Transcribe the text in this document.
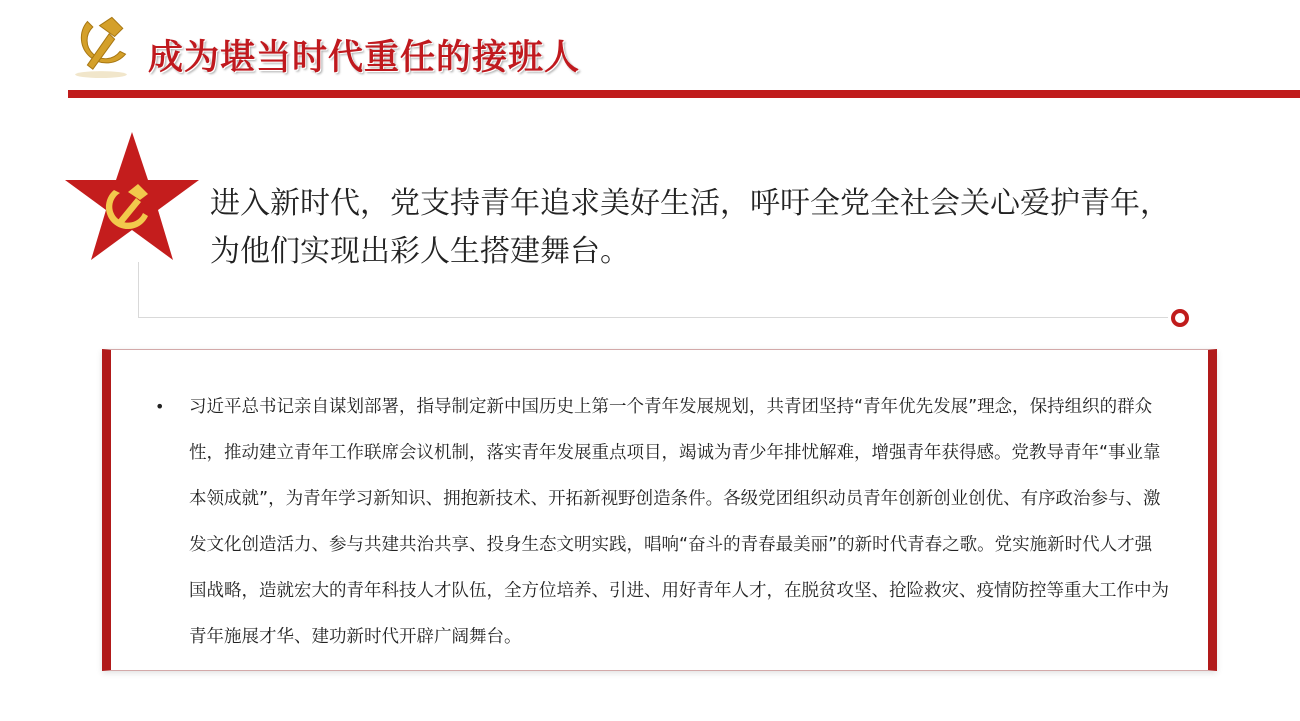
成为堪当时代重任的接班人

进入新时代，党支持青年追求美好生活，呼吁全党全社会关心爱护青年，为他们实现出彩人生搭建舞台。

• 习近平总书记亲自谋划部署，指导制定新中国历史上第一个青年发展规划，共青团坚持“青年优先发展”理念，保持组织的群众性，推动建立青年工作联席会议机制，落实青年发展重点项目，竭诚为青少年排忧解难，增强青年获得感。党教导青年“事业靠本领成就”，为青年学习新知识、拥抱新技术、开拓新视野创造条件。各级党团组织动员青年创新创业创优、有序政治参与、激发文化创造活力、参与共建共治共享、投身生态文明实践，唱响“奋斗的青春最美丽”的新时代青春之歌。党实施新时代人才强国战略，造就宏大的青年科技人才队伍，全方位培养、引进、用好青年人才，在脱贫攻坚、抢险救灾、疫情防控等重大工作中为青年施展才华、建功新时代开辟广阔舞台。
